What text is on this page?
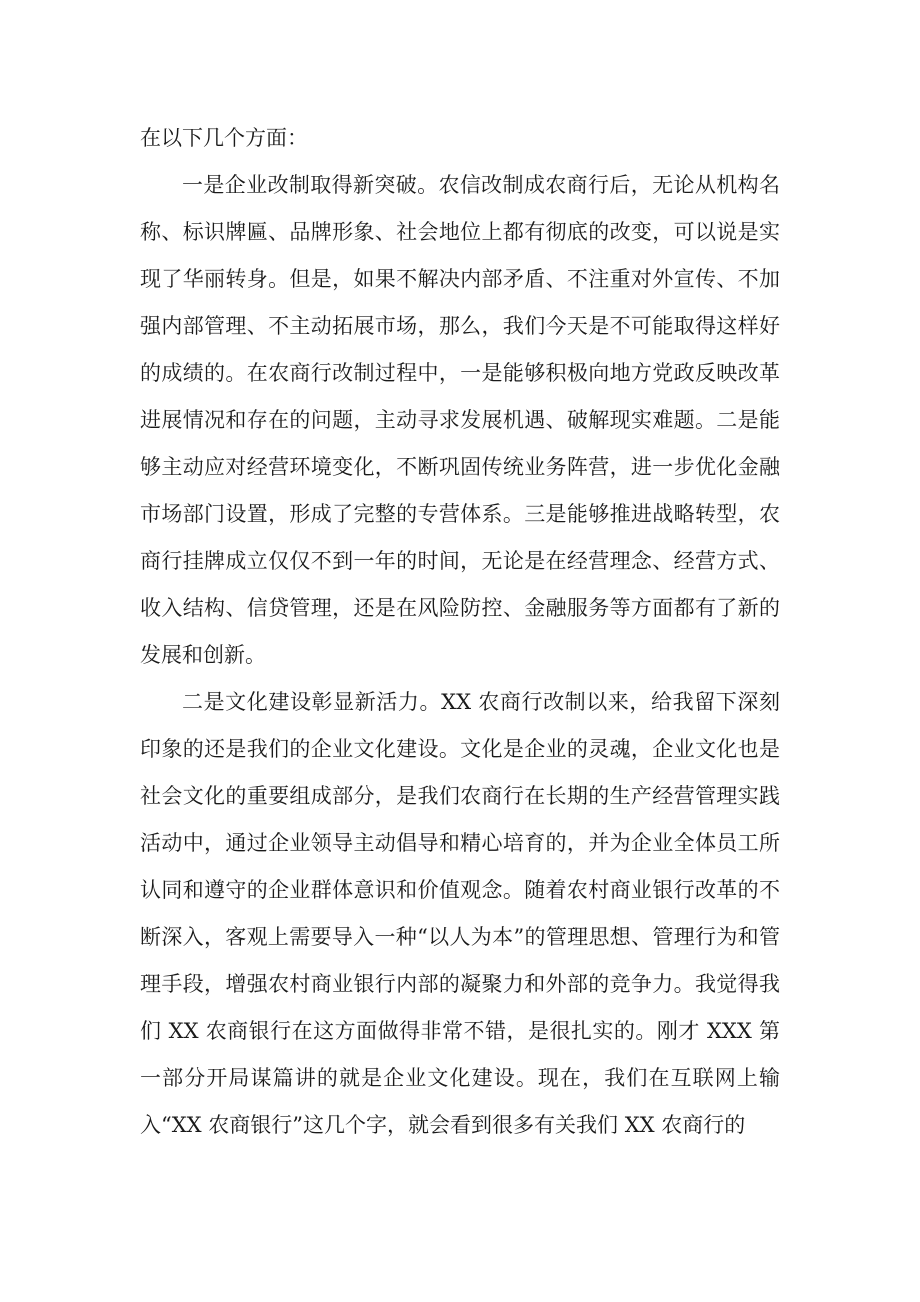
在以下几个方面：

一是企业改制取得新突破。农信改制成农商行后，无论从机构名称、标识牌匾、品牌形象、社会地位上都有彻底的改变，可以说是实现了华丽转身。但是，如果不解决内部矛盾、不注重对外宣传、不加强内部管理、不主动拓展市场，那么，我们今天是不可能取得这样好的成绩的。在农商行改制过程中，一是能够积极向地方党政反映改革进展情况和存在的问题，主动寻求发展机遇、破解现实难题。二是能够主动应对经营环境变化，不断巩固传统业务阵营，进一步优化金融市场部门设置，形成了完整的专营体系。三是能够推进战略转型，农商行挂牌成立仅仅不到一年的时间，无论是在经营理念、经营方式、收入结构、信贷管理，还是在风险防控、金融服务等方面都有了新的发展和创新。

二是文化建设彰显新活力。XX 农商行改制以来，给我留下深刻印象的还是我们的企业文化建设。文化是企业的灵魂，企业文化也是社会文化的重要组成部分，是我们农商行在长期的生产经营管理实践活动中，通过企业领导主动倡导和精心培育的，并为企业全体员工所认同和遵守的企业群体意识和价值观念。随着农村商业银行改革的不断深入，客观上需要导入一种“以人为本”的管理思想、管理行为和管理手段，增强农村商业银行内部的凝聚力和外部的竞争力。我觉得我们 XX 农商银行在这方面做得非常不错，是很扎实的。刚才 XXX 第一部分开局谋篇讲的就是企业文化建设。现在，我们在互联网上输入“XX 农商银行”这几个字，就会看到很多有关我们 XX 农商行的
